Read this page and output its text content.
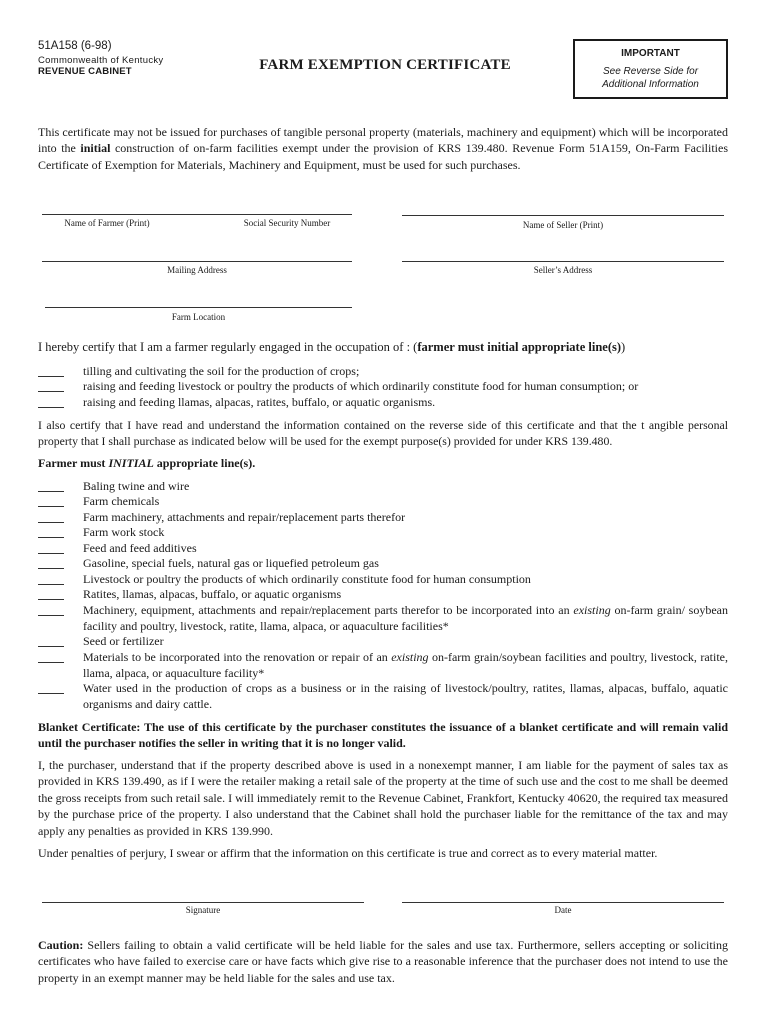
51A158 (6-98)
Commonwealth of Kentucky
REVENUE CABINET	FARM EXEMPTION CERTIFICATE
IMPORTANT
See Reverse Side for
Additional Information
This certificate may not be issued for purchases of tangible personal property (materials, machinery and equipment) which will be incorporated into the initial construction of on-farm facilities exempt under the provision of KRS 139.480. Revenue Form 51A159, On-Farm Facilities Certificate of Exemption for Materials, Machinery and Equipment, must be used for such purchases.
Name of Farmer (Print)	Social Security Number	Name of Seller (Print)
Mailing Address	Seller’s Address
Farm Location
I hereby certify that I am a farmer regularly engaged in the occupation of : (farmer must initial appropriate line(s))
tilling and cultivating the soil for the production of crops;
raising and feeding livestock or poultry the products of which ordinarily constitute food for human consumption; or
raising and feeding llamas, alpacas, ratites, buffalo, or aquatic organisms.
I also certify that I have read and understand the information contained on the reverse side of this certificate and that the t angible personal property that I shall purchase as indicated below will be used for the exempt purpose(s) provided for under KRS 139.480.
Farmer must INITIAL appropriate line(s).
Baling twine and wire
Farm chemicals
Farm machinery, attachments and repair/replacement parts therefor
Farm work stock
Feed and feed additives
Gasoline, special fuels, natural gas or liquefied petroleum gas
Livestock or poultry the products of which ordinarily constitute food for human consumption
Ratites, llamas, alpacas, buffalo, or aquatic organisms
Machinery, equipment, attachments and repair/replacement parts therefor to be incorporated into an existing on-farm grain/ soybean facility and poultry, livestock, ratite, llama, alpaca, or aquaculture facilities*
Seed or fertilizer
Materials to be incorporated into the renovation or repair of an existing on-farm grain/soybean facilities and poultry, livestock, ratite, llama, alpaca, or aquaculture facility*
Water used in the production of crops as a business or in the raising of livestock/poultry, ratites, llamas, alpacas, buffalo, aquatic organisms and dairy cattle.
Blanket Certificate: The use of this certificate by the purchaser constitutes the issuance of a blanket certificate and will remain valid until the purchaser notifies the seller in writing that it is no longer valid.
I, the purchaser, understand that if the property described above is used in a nonexempt manner, I am liable for the payment of sales tax as provided in KRS 139.490, as if I were the retailer making a retail sale of the property at the time of such use and the cost to me shall be deemed the gross receipts from such retail sale. I will immediately remit to the Revenue Cabinet, Frankfort, Kentucky 40620, the required tax measured by the purchase price of the property. I also understand that the Cabinet shall hold the purchaser liable for the remittance of the tax and may apply any penalties as provided in KRS 139.990.
Under penalties of perjury, I swear or affirm that the information on this certificate is true and correct as to every material matter.
Signature	Date
Caution: Sellers failing to obtain a valid certificate will be held liable for the sales and use tax. Furthermore, sellers accepting or soliciting certificates who have failed to exercise care or have facts which give rise to a reasonable inference that the purchaser does not intend to use the property in an exempt manner may be held liable for the sales and use tax.
